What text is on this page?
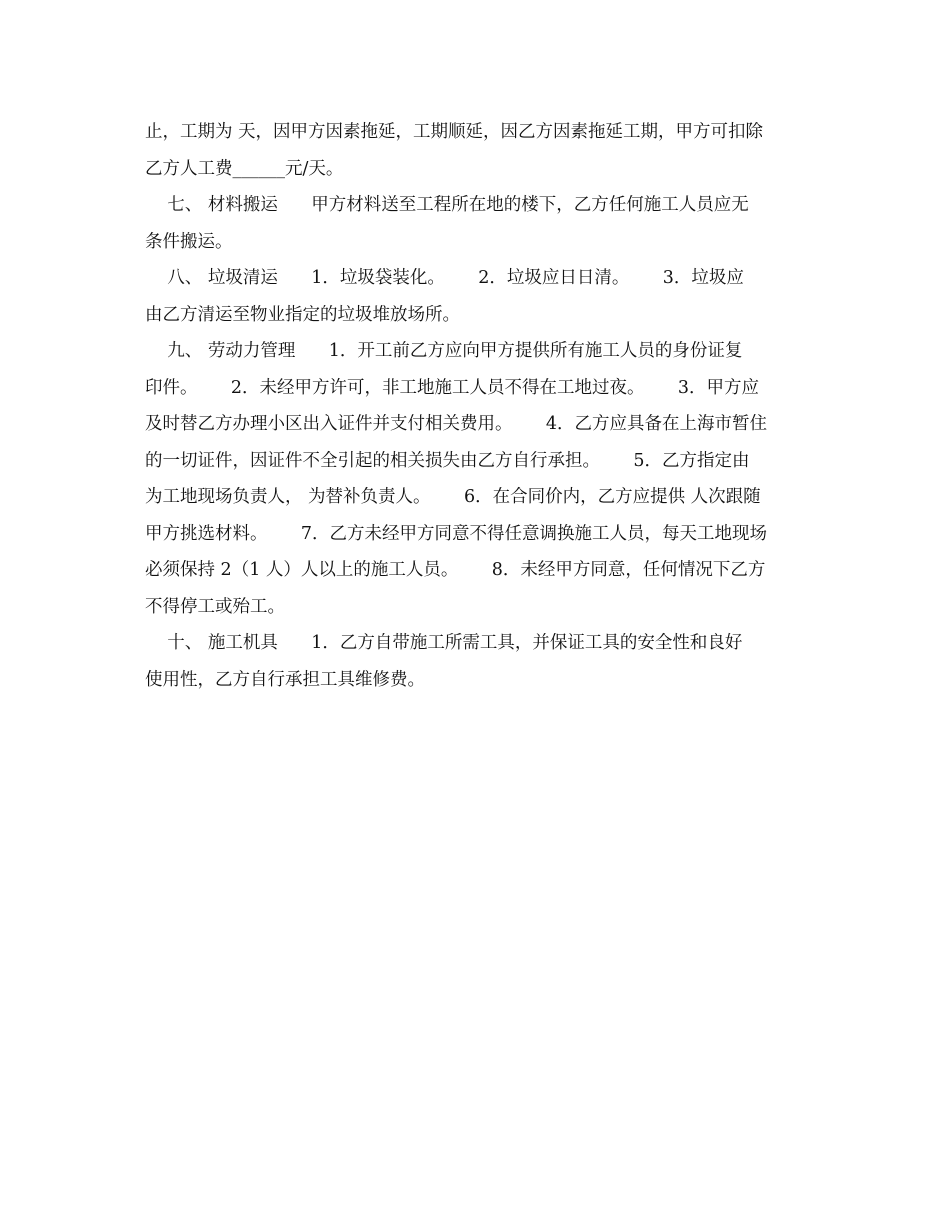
止，工期为 天，因甲方因素拖延，工期顺延，因乙方因素拖延工期，甲方可扣除
乙方人工费______元/天。
七、 材料搬运      甲方材料送至工程所在地的楼下，乙方任何施工人员应无
条件搬运。
八、 垃圾清运      1．垃圾袋装化。      2．垃圾应日日清。      3．垃圾应
由乙方清运至物业指定的垃圾堆放场所。
九、 劳动力管理      1．开工前乙方应向甲方提供所有施工人员的身份证复
印件。      2．未经甲方许可，非工地施工人员不得在工地过夜。      3．甲方应
及时替乙方办理小区出入证件并支付相关费用。      4．乙方应具备在上海市暂住
的一切证件，因证件不全引起的相关损失由乙方自行承担。      5．乙方指定由
为工地现场负责人， 为替补负责人。      6．在合同价内，乙方应提供 人次跟随
甲方挑选材料。      7．乙方未经甲方同意不得任意调换施工人员，每天工地现场
必须保持 2（1 人）人以上的施工人员。      8．未经甲方同意，任何情况下乙方
不得停工或殆工。
十、 施工机具      1．乙方自带施工所需工具，并保证工具的安全性和良好
使用性，乙方自行承担工具维修费。
